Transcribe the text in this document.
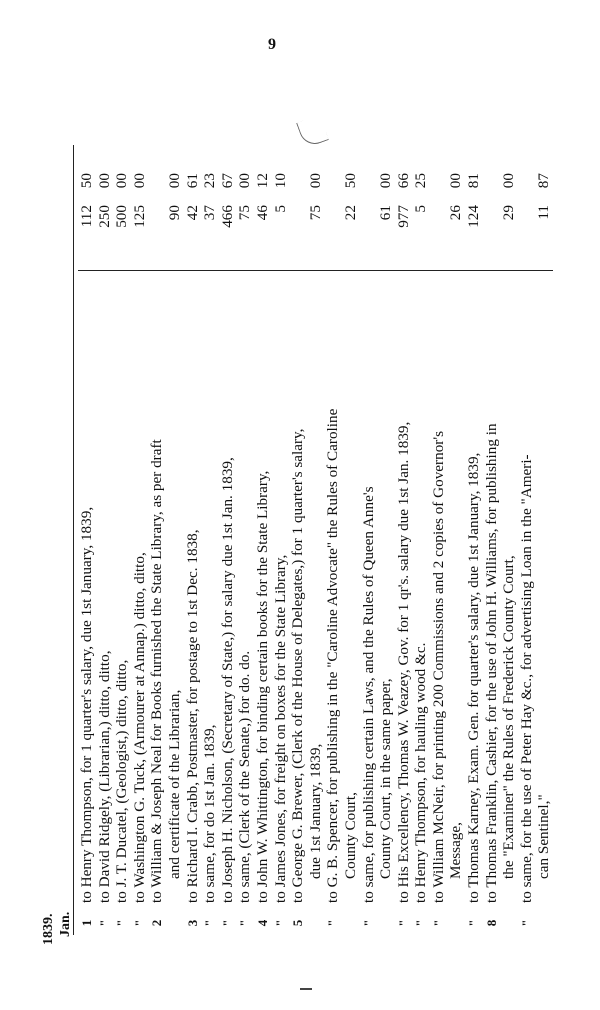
9
1839. Jan. 1
to Henry Thompson, for 1 quarter's salary, due 1st January, 1839,
11250
"
to David Ridgely, (Librarian,) ditto, ditto,
25000
"
to J. T. Ducatel, (Geologist,) ditto, ditto,
50000
"
to Washington G. Tuck, (Armourer at Annap.) ditto, ditto,
12500
2
to William & Joseph Neal for Books furnished the State Library, as per draft and certificate of the Librarian,
9000
3
to Richard I. Crabb, Postmaster, for postage to 1st Dec. 1838,
4261
"
to same, for do 1st Jan. 1839,
3723
"
to Joseph H. Nicholson, (Secretary of State,) for salary due 1st Jan. 1839,
46667
"
to same, (Clerk of the Senate,) for do. do.
7500
4
to John W. Whittington, for binding certain books for the State Library,
4612
"
to James Jones, for freight on boxes for the State Library,
510
5
to George G. Brewer, (Clerk of the House of Delegates,) for 1 quarter's salary, due 1st January, 1839,
7500
"
to G. B. Spencer, for publishing in the "Caroline Advocate" the Rules of Caroline County Court,
2250
"
to same, for publishing certain Laws, and the Rules of Queen Anne's County Court, in the same paper,
6100
"
to His Excellency, Thomas W. Veazey, Gov. for 1 qr's. salary due 1st Jan. 1839,
97766
"
to Henry Thompson, for hauling wood &c.
525
"
to William McNeir, for printing 200 Commissions and 2 copies of Governor's Message,
2600
"
to Thomas Karney, Exam. Gen. for quarter's salary, due 1st January, 1839,
12481
8
to Thomas Franklin, Cashier, for the use of John H. Williams, for publishing in the "Examiner" the Rules of Frederick County Court,
2900
"
to same, for the use of Peter Hay &c., for advertising Loan in the "Ameri- can Sentinel,"
1187
